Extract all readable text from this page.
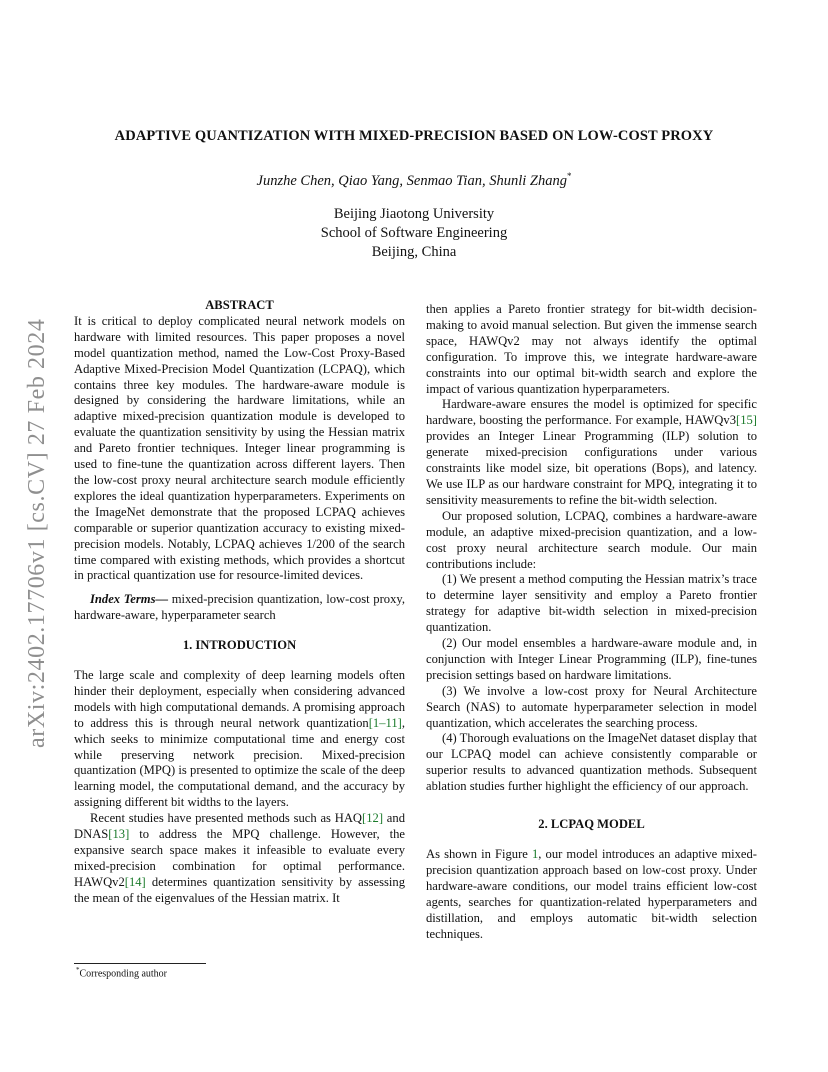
arXiv:2402.17706v1 [cs.CV] 27 Feb 2024
ADAPTIVE QUANTIZATION WITH MIXED-PRECISION BASED ON LOW-COST PROXY
Junzhe Chen, Qiao Yang, Senmao Tian, Shunli Zhang*
Beijing Jiaotong University
School of Software Engineering
Beijing, China
ABSTRACT

It is critical to deploy complicated neural network models on hardware with limited resources. This paper proposes a novel model quantization method, named the Low-Cost Proxy-Based Adaptive Mixed-Precision Model Quantization (LCPAQ), which contains three key modules. The hardware-aware module is designed by considering the hardware limitations, while an adaptive mixed-precision quantization module is developed to evaluate the quantization sensitivity by using the Hessian matrix and Pareto frontier techniques. Integer linear programming is used to fine-tune the quantization across different layers. Then the low-cost proxy neural architecture search module efficiently explores the ideal quantization hyperparameters. Experiments on the ImageNet demonstrate that the proposed LCPAQ achieves comparable or superior quantization accuracy to existing mixed-precision models. Notably, LCPAQ achieves 1/200 of the search time compared with existing methods, which provides a shortcut in practical quantization use for resource-limited devices.

Index Terms— mixed-precision quantization, low-cost proxy, hardware-aware, hyperparameter search

1. INTRODUCTION

The large scale and complexity of deep learning models often hinder their deployment, especially when considering advanced models with high computational demands. A promising approach to address this is through neural network quantization[1–11], which seeks to minimize computational time and energy cost while preserving network precision. Mixed-precision quantization (MPQ) is presented to optimize the scale of the deep learning model, the computational demand, and the accuracy by assigning different bit widths to the layers.

Recent studies have presented methods such as HAQ[12] and DNAS[13] to address the MPQ challenge. However, the expansive search space makes it infeasible to evaluate every mixed-precision combination for optimal performance. HAWQv2[14] determines quantization sensitivity by assessing the mean of the eigenvalues of the Hessian matrix. It

*Corresponding author

then applies a Pareto frontier strategy for bit-width decision-making to avoid manual selection. But given the immense search space, HAWQv2 may not always identify the optimal configuration. To improve this, we integrate hardware-aware constraints into our optimal bit-width search and explore the impact of various quantization hyperparameters.

Hardware-aware ensures the model is optimized for specific hardware, boosting the performance. For example, HAWQv3[15] provides an Integer Linear Programming (ILP) solution to generate mixed-precision configurations under various constraints like model size, bit operations (Bops), and latency. We use ILP as our hardware constraint for MPQ, integrating it to sensitivity measurements to refine the bit-width selection.

Our proposed solution, LCPAQ, combines a hardware-aware module, an adaptive mixed-precision quantization, and a low-cost proxy neural architecture search module. Our main contributions include:

(1) We present a method computing the Hessian matrix’s trace to determine layer sensitivity and employ a Pareto frontier strategy for adaptive bit-width selection in mixed-precision quantization.

(2) Our model ensembles a hardware-aware module and, in conjunction with Integer Linear Programming (ILP), fine-tunes precision settings based on hardware limitations.

(3) We involve a low-cost proxy for Neural Architecture Search (NAS) to automate hyperparameter selection in model quantization, which accelerates the searching process.

(4) Thorough evaluations on the ImageNet dataset display that our LCPAQ model can achieve consistently comparable or superior results to advanced quantization methods. Subsequent ablation studies further highlight the efficiency of our approach.

2. LCPAQ MODEL

As shown in Figure 1, our model introduces an adaptive mixed-precision quantization approach based on low-cost proxy. Under hardware-aware conditions, our model trains efficient low-cost agents, searches for quantization-related hyperparameters and distillation, and employs automatic bit-width selection techniques.
